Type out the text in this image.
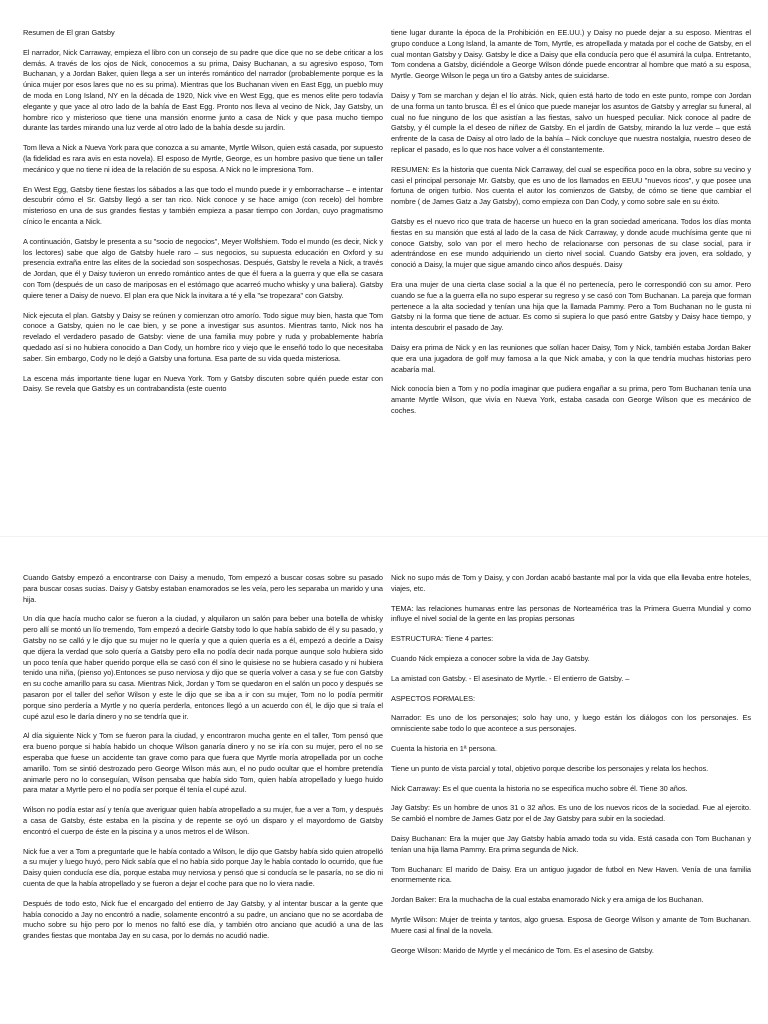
Resumen de El gran Gatsby

El narrador, Nick Carraway, empieza el libro con un consejo de su padre que dice que no se debe criticar a los demás. A través de los ojos de Nick, conocemos a su prima, Daisy Buchanan, a su agresivo esposo, Tom Buchanan, y a Jordan Baker, quien llega a ser un interés romántico del narrador (probablemente porque es la única mujer por esos lares que no es su prima). Mientras que los Buchanan viven en East Egg, un pueblo muy de moda en Long Island, NY en la década de 1920, Nick vive en West Egg, que es menos elite pero todavía elegante y que yace al otro lado de la bahía de East Egg. Pronto nos lleva al vecino de Nick, Jay Gatsby, un hombre rico y misterioso que tiene una mansión enorme junto a casa de Nick y que pasa mucho tiempo durante las tardes mirando una luz verde al otro lado de la bahía desde su jardín.

Tom lleva a Nick a Nueva York para que conozca a su amante, Myrtle Wilson, quien está casada, por supuesto (la fidelidad es rara avis en esta novela). El esposo de Myrtle, George, es un hombre pasivo que tiene un taller mecánico y que no tiene ni idea de la relación de su esposa. A Nick no le impresiona Tom.

En West Egg, Gatsby tiene fiestas los sábados a las que todo el mundo puede ir y emborracharse – e intentar descubrir cómo el Sr. Gatsby llegó a ser tan rico. Nick conoce y se hace amigo (con recelo) del hombre misterioso en una de sus grandes fiestas y también empieza a pasar tiempo con Jordan, cuyo pragmatismo cínico le encanta a Nick.

A continuación, Gatsby le presenta a su "socio de negocios", Meyer Wolfshiem. Todo el mundo (es decir, Nick y los lectores) sabe que algo de Gatsby huele raro – sus negocios, su supuesta educación en Oxford y su presencia extraña entre las elites de la sociedad son sospechosas. Después, Gatsby le revela a Nick, a través de Jordan, que él y Daisy tuvieron un enredo romántico antes de que él fuera a la guerra y que ella se casara con Tom (después de un caso de mariposas en el estómago que acarreó mucho whisky y una baliera). Gatsby quiere tener a Daisy de nuevo. El plan era que Nick la invitara a té y ella "se tropezara" con Gatsby.

Nick ejecuta el plan. Gatsby y Daisy se reúnen y comienzan otro amorío. Todo sigue muy bien, hasta que Tom conoce a Gatsby, quien no le cae bien, y se pone a investigar sus asuntos. Mientras tanto, Nick nos ha revelado el verdadero pasado de Gatsby: viene de una familia muy pobre y ruda y probablemente habría quedado así si no hubiera conocido a Dan Cody, un hombre rico y viejo que le enseñó todo lo que necesitaba saber. Sin embargo, Cody no le dejó a Gatsby una fortuna. Esa parte de su vida queda misteriosa.

La escena más importante tiene lugar en Nueva York. Tom y Gatsby discuten sobre quién puede estar con Daisy. Se revela que Gatsby es un contrabandista (este cuento

tiene lugar durante la época de la Prohibición en EE.UU.) y Daisy no puede dejar a su esposo. Mientras el grupo conduce a Long Island, la amante de Tom, Myrtle, es atropellada y matada por el coche de Gatsby, en el cual montan Gatsby y Daisy. Gatsby le dice a Daisy que ella conducía pero que él asumirá la culpa. Entretanto, Tom condena a Gatsby, diciéndole a George Wilson dónde puede encontrar al hombre que mató a su esposa, Myrtle. George Wilson le pega un tiro a Gatsby antes de suicidarse.

Daisy y Tom se marchan y dejan el lío atrás. Nick, quien está harto de todo en este punto, rompe con Jordan de una forma un tanto brusca. Él es el único que puede manejar los asuntos de Gatsby y arreglar su funeral, al cual no fue ninguno de los que asistían a las fiestas, salvo un huesped peculiar. Nick conoce al padre de Gatsby, y él cumple la el deseo de niñez de Gatsby. En el jardín de Gatsby, mirando la luz verde – que está enfrente de la casa de Daisy al otro lado de la bahía – Nick concluye que nuestra nostalgia, nuestro deseo de replicar el pasado, es lo que nos hace volver a él constantemente.

RESUMEN: Es la historia que cuenta Nick Carraway, del cual se especifica poco en la obra, sobre su vecino y casi el principal personaje Mr. Gatsby, que es uno de los llamados en EEUU "nuevos ricos", y que posee una fortuna de origen turbio. Nos cuenta el autor los comienzos de Gatsby, de cómo se tiene que cambiar el nombre ( de James Gatz a Jay Gatsby), como empieza con Dan Cody, y como sobre sale en su éxito.

Gatsby es el nuevo rico que trata de hacerse un hueco en la gran sociedad americana. Todos los días monta fiestas en su mansión que está al lado de la casa de Nick Carraway, y donde acude muchísima gente que ni conoce Gatsby, solo van por el mero hecho de relacionarse con personas de su clase social, para ir adentrándose en ese mundo adquiriendo un cierto nivel social. Cuando Gatsby era joven, era soldado, y conoció a Daisy, la mujer que sigue amando cinco años después. Daisy

Era una mujer de una cierta clase social a la que él no pertenecía, pero le correspondió con su amor. Pero cuando se fue a la guerra ella no supo esperar su regreso y se casó con Tom Buchanan. La pareja que forman pertenece a la alta sociedad y tenían una hija que la llamada Pammy. Pero a Tom Buchanan no le gusta ni Gatsby ni la forma que tiene de actuar. Es como si supiera lo que pasó entre Gatsby y Daisy hace tiempo, y intenta descubrir el pasado de Jay.

Daisy era prima de Nick y en las reuniones que solían hacer Daisy, Tom y Nick, también estaba Jordan Baker que era una jugadora de golf muy famosa a la que Nick amaba, y con la que tendría muchas historias pero acabaría mal.

Nick conocía bien a Tom y no podía imaginar que pudiera engañar a su prima, pero Tom Buchanan tenía una amante Myrtle Wilson, que vivía en Nueva York, estaba casada con George Wilson que es mecánico de coches.

Cuando Gatsby empezó a encontrarse con Daisy a menudo, Tom empezó a buscar cosas sobre su pasado para buscar cosas sucias. Daisy y Gatsby estaban enamorados se les veía, pero les separaba un marido y una hija.

Un día que hacía mucho calor se fueron a la ciudad, y alquilaron un salón para beber una botella de whisky pero allí se montó un lío tremendo, Tom empezó a decirle Gatsby todo lo que había sabido de él y su pasado, y Gatsby no se calló y le dijo que su mujer no le quería y que a quien quería es a él, empezó a decirle a Daisy que dijera la verdad que solo quería a Gatsby pero ella no podía decir nada porque aunque solo hubiera sido un poco tenía que haber querido porque ella se casó con él sino le quisiese no se hubiera casado y ni hubiera tenido una niña, (pienso yo).Entonces se puso nerviosa y dijo que se quería volver a casa y se fue con Gatsby en su coche amarillo para su casa. Mientras Nick, Jordan y Tom se quedaron en el salón un poco y después se pasaron por el taller del señor Wilson y este le dijo que se iba a ir con su mujer, Tom no lo podía permitir porque sino perdería a Myrtle y no quería perderla, entonces llegó a un acuerdo con él, le dijo que si traía el cupé azul eso le daría dinero y no se tendría que ir.

Al día siguiente Nick y Tom se fueron para la ciudad, y encontraron mucha gente en el taller, Tom pensó que era bueno porque si había habido un choque Wilson ganaría dinero y no se iría con su mujer, pero el no se esperaba que fuese un accidente tan grave como para que fuera que Myrtle moría atropellada por un coche amarillo. Tom se sintió destrozado pero George Wilson más aun, el no pudo ocultar que el hombre pretendía animarle pero no lo conseguían, Wilson pensaba que había sido Tom, quien había atropellado y luego huido para matar a Myrtle pero el no podía ser porque él tenía el cupé azul.

Wilson no podía estar así y tenía que averiguar quien había atropellado a su mujer, fue a ver a Tom, y después a casa de Gatsby, éste estaba en la piscina y de repente se oyó un disparo y el mayordomo de Gatsby encontró el cuerpo de éste en la piscina y a unos metros el de Wilson.

Nick fue a ver a Tom a preguntarle que le había contado a Wilson, le dijo que Gatsby había sido quien atropelló a su mujer y luego huyó, pero Nick sabía que el no había sido porque Jay le había contado lo ocurrido, que fue Daisy quien conducía ese día, porque estaba muy nerviosa y pensó que si conducía se le pasaría, no se dio ni cuenta de que la había atropellado y se fueron a dejar el coche para que no lo viera nadie.

Después de todo esto, Nick fue el encargado del entierro de Jay Gatsby, y al intentar buscar a la gente que había conocido a Jay no encontró a nadie, solamente encontró a su padre, un anciano que no se acordaba de mucho sobre su hijo pero por lo menos no faltó ese día, y también otro anciano que acudió a una de las grandes fiestas que montaba Jay en su casa, por lo demás no acudió nadie.

Nick no supo más de Tom y Daisy, y con Jordan acabó bastante mal por la vida que ella llevaba entre hoteles, viajes, etc.

TEMA: las relaciones humanas entre las personas de Norteamérica tras la Primera Guerra Mundial y como influye el nivel social de la gente en las propias personas

ESTRUCTURA: Tiene 4 partes:

Cuando Nick empieza a conocer sobre la vida de Jay Gatsby.

La amistad con Gatsby. - El asesinato de Myrtle. - El entierro de Gatsby. –

ASPECTOS FORMALES:

Narrador: Es uno de los personajes; solo hay uno, y luego están los diálogos con los personajes. Es omnisciente sabe todo lo que acontece a sus personajes.

Cuenta la historia en 1ª persona.

Tiene un punto de vista parcial y total, objetivo porque describe los personajes y relata los hechos.

Nick Carraway: Es el que cuenta la historia no se especifica mucho sobre él. Tiene 30 años.

Jay Gatsby: Es un hombre de unos 31 o 32 años. Es uno de los nuevos ricos de la sociedad. Fue al ejercito. Se cambió el nombre de James Gatz por el de Jay Gatsby para subir en la sociedad.

Daisy Buchanan: Era la mujer que Jay Gatsby había amado toda su vida. Está casada con Tom Buchanan y tenían una hija llama Pammy. Era prima segunda de Nick.

Tom Buchanan: El marido de Daisy. Era un antiguo jugador de futbol en New Haven. Venía de una familia enormemente rica.

Jordan Baker: Era la muchacha de la cual estaba enamorado Nick y era amiga de los Buchanan.

Myrtle Wilson: Mujer de treinta y tantos, algo gruesa. Esposa de George Wilson y amante de Tom Buchanan. Muere casi al final de la novela.

George Wilson: Marido de Myrtle y el mecánico de Tom. Es el asesino de Gatsby.
